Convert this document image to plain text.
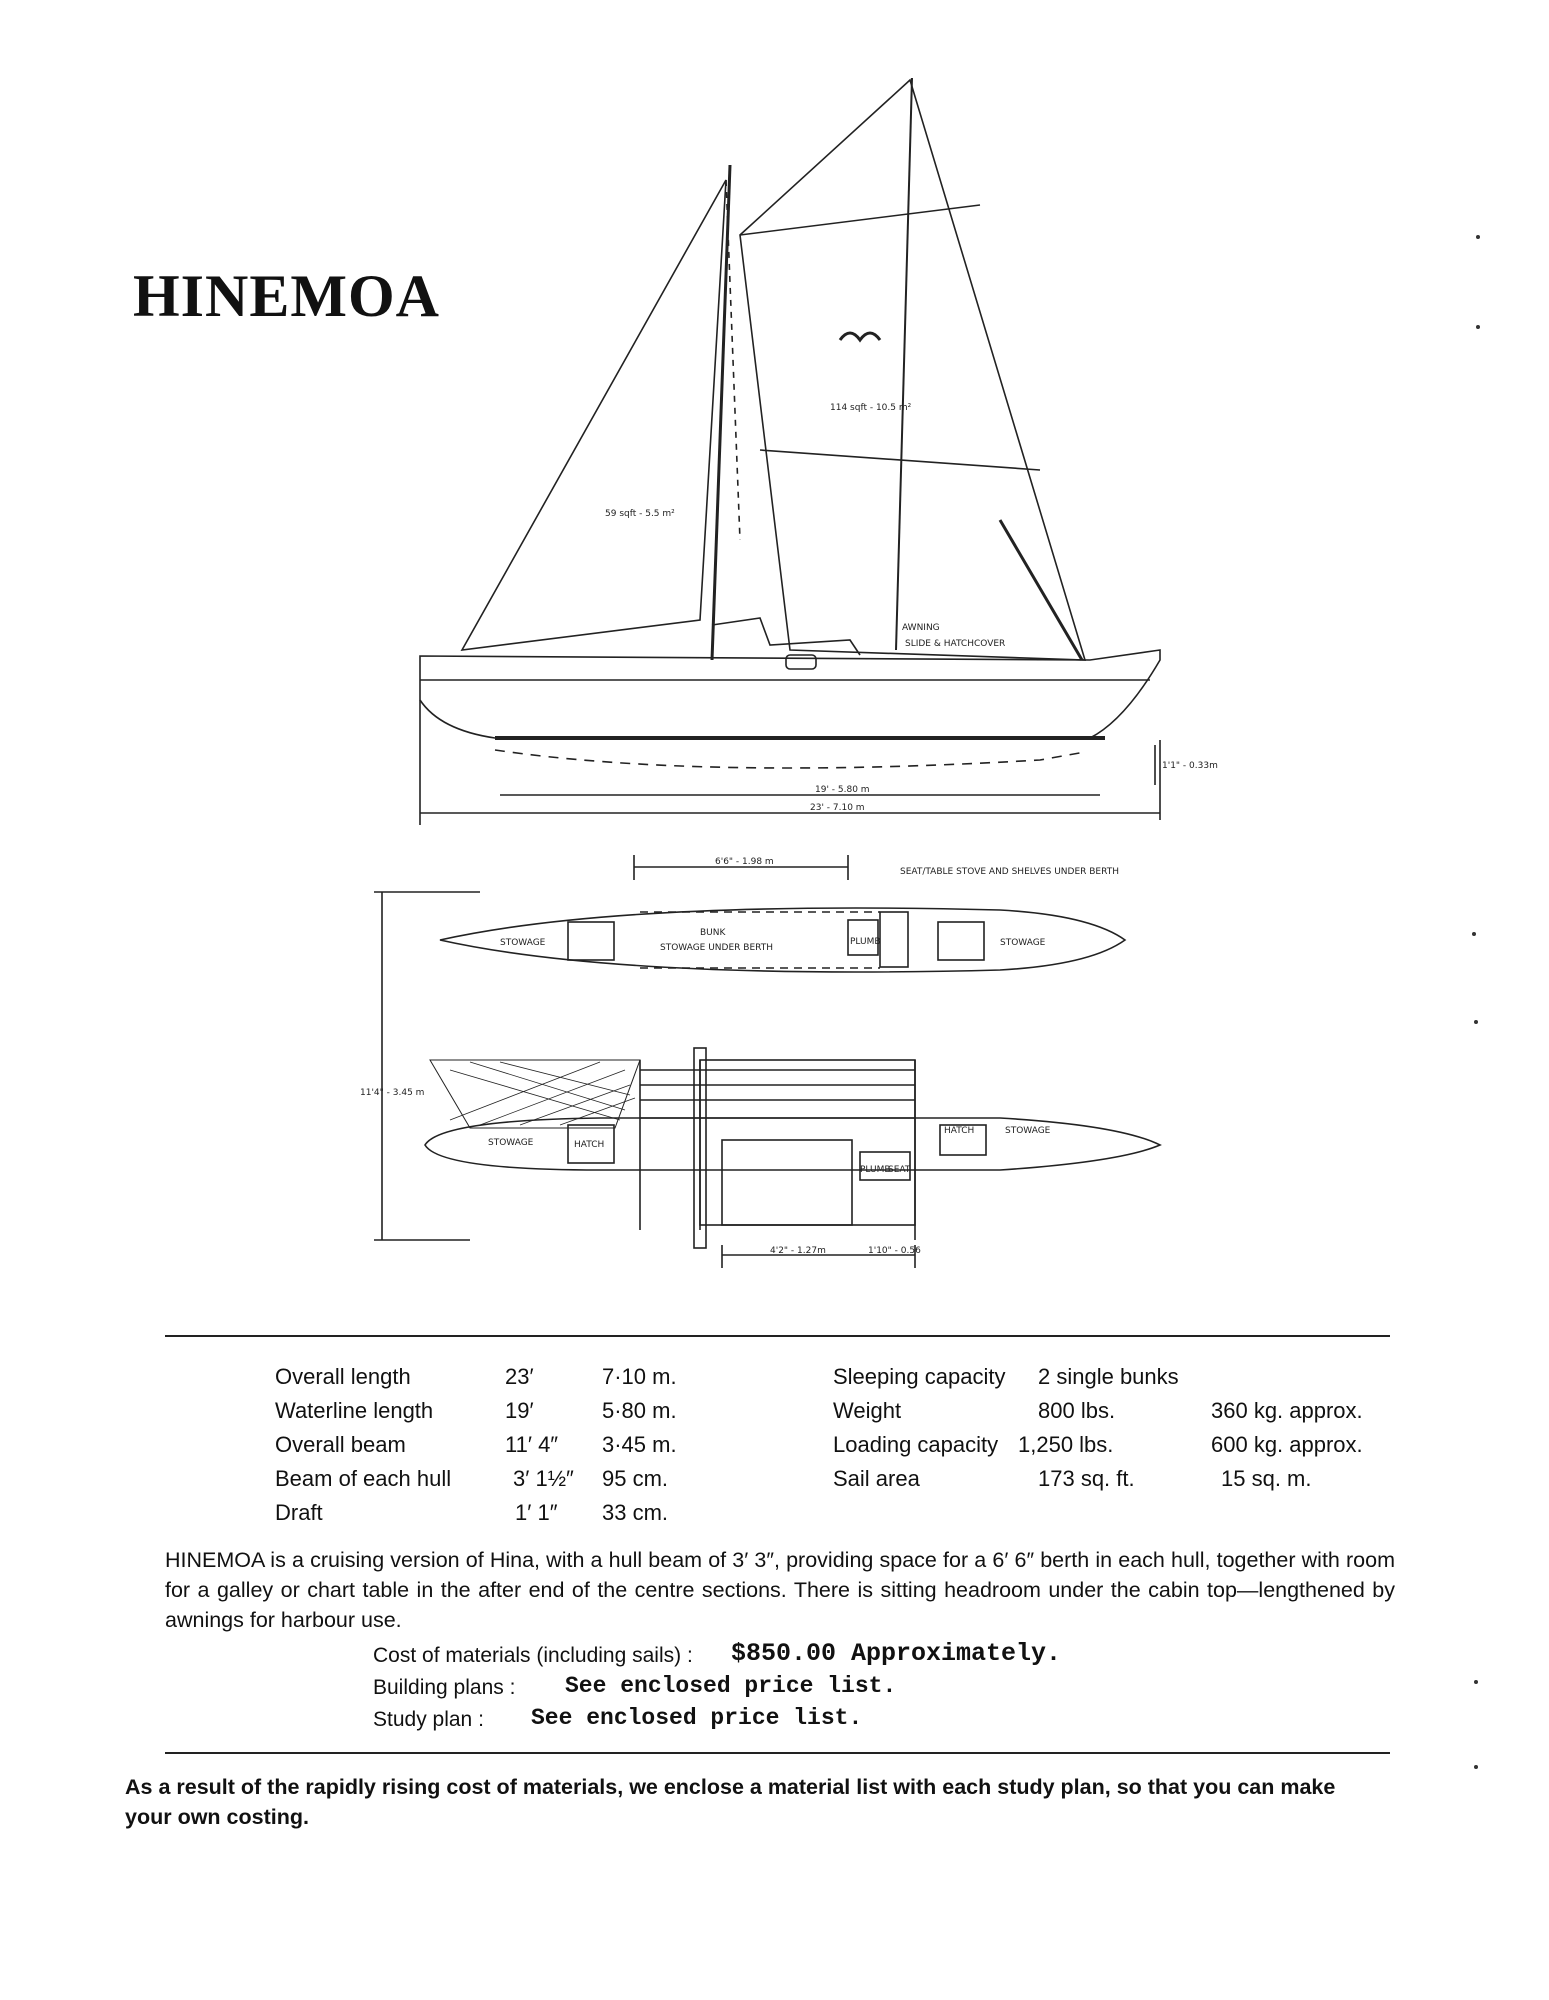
HINEMOA
114 sqft - 10.5 m²
59 sqft - 5.5 m²
AWNING
SLIDE & HATCHCOVER
19' - 5.80 m
23' - 7.10 m
1'1" - 0.33m
6'6" - 1.98 m
SEAT/TABLE STOVE AND SHELVES UNDER BERTH
STOWAGE
BUNK
STOWAGE UNDER BERTH
PLUMB	STOWAGE
11'4" - 3.45 m
STOWAGE	HATCH
PLUMB
SEAT
HATCH	STOWAGE
4'2" - 1.27m	1'10" - 0.56
Overall length	23′	7·10 m.
Waterline length	19′	5·80 m.
Overall beam	11′ 4″ 3·45 m.
Beam of each hull	3′ 1½″ 95 cm.
Draft	1′ 1″ 33 cm.
Sleeping capacity 2 single bunks
Weight	800 lbs.	360 kg. approx.
Loading capacity 1,250 lbs.	600 kg. approx.
Sail area	173 sq. ft.	15 sq. m.
HINEMOA is a cruising version of Hina, with a hull beam of 3′ 3″, providing space for a 6′ 6″ berth in each hull, together with room for a galley or chart table in the after end of the centre sections. There is sitting headroom under the cabin top—lengthened by awnings for harbour use.
Cost of materials (including sails) : $850.00 Approximately.
Building plans : See enclosed price list.
Study plan : See enclosed price list.
As a result of the rapidly rising cost of materials, we enclose a material list with each study plan, so that you can make your own costing.
